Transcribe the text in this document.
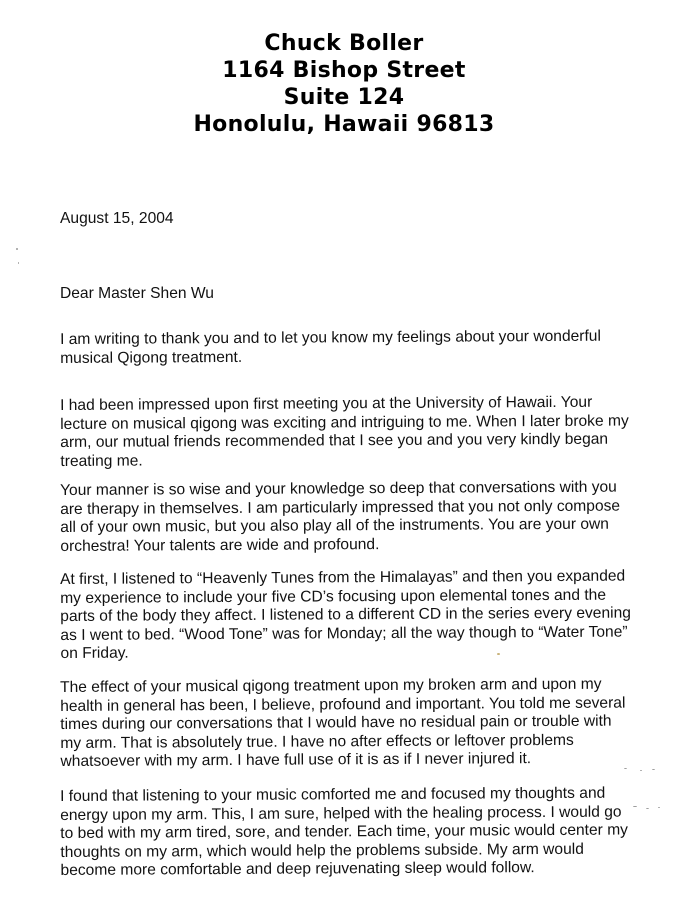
Chuck Boller
1164 Bishop Street
Suite 124
Honolulu, Hawaii 96813
August 15, 2004
Dear Master Shen Wu

I am writing to thank you and to let you know my feelings about your wonderful musical Qigong treatment.

I had been impressed upon first meeting you at the University of Hawaii. Your lecture on musical qigong was exciting and intriguing to me. When I later broke my arm, our mutual friends recommended that I see you and you very kindly began treating me.

Your manner is so wise and your knowledge so deep that conversations with you are therapy in themselves. I am particularly impressed that you not only compose all of your own music, but you also play all of the instruments. You are your own orchestra! Your talents are wide and profound.

At first, I listened to “Heavenly Tunes from the Himalayas” and then you expanded my experience to include your five CD’s focusing upon elemental tones and the parts of the body they affect. I listened to a different CD in the series every evening as I went to bed. “Wood Tone” was for Monday; all the way though to “Water Tone” on Friday.

The effect of your musical qigong treatment upon my broken arm and upon my health in general has been, I believe, profound and important. You told me several times during our conversations that I would have no residual pain or trouble with my arm. That is absolutely true. I have no after effects or leftover problems whatsoever with my arm. I have full use of it is as if I never injured it.

I found that listening to your music comforted me and focused my thoughts and energy upon my arm. This, I am sure, helped with the healing process. I would go to bed with my arm tired, sore, and tender. Each time, your music would center my thoughts on my arm, which would help the problems subside. My arm would become more comfortable and deep rejuvenating sleep would follow.
